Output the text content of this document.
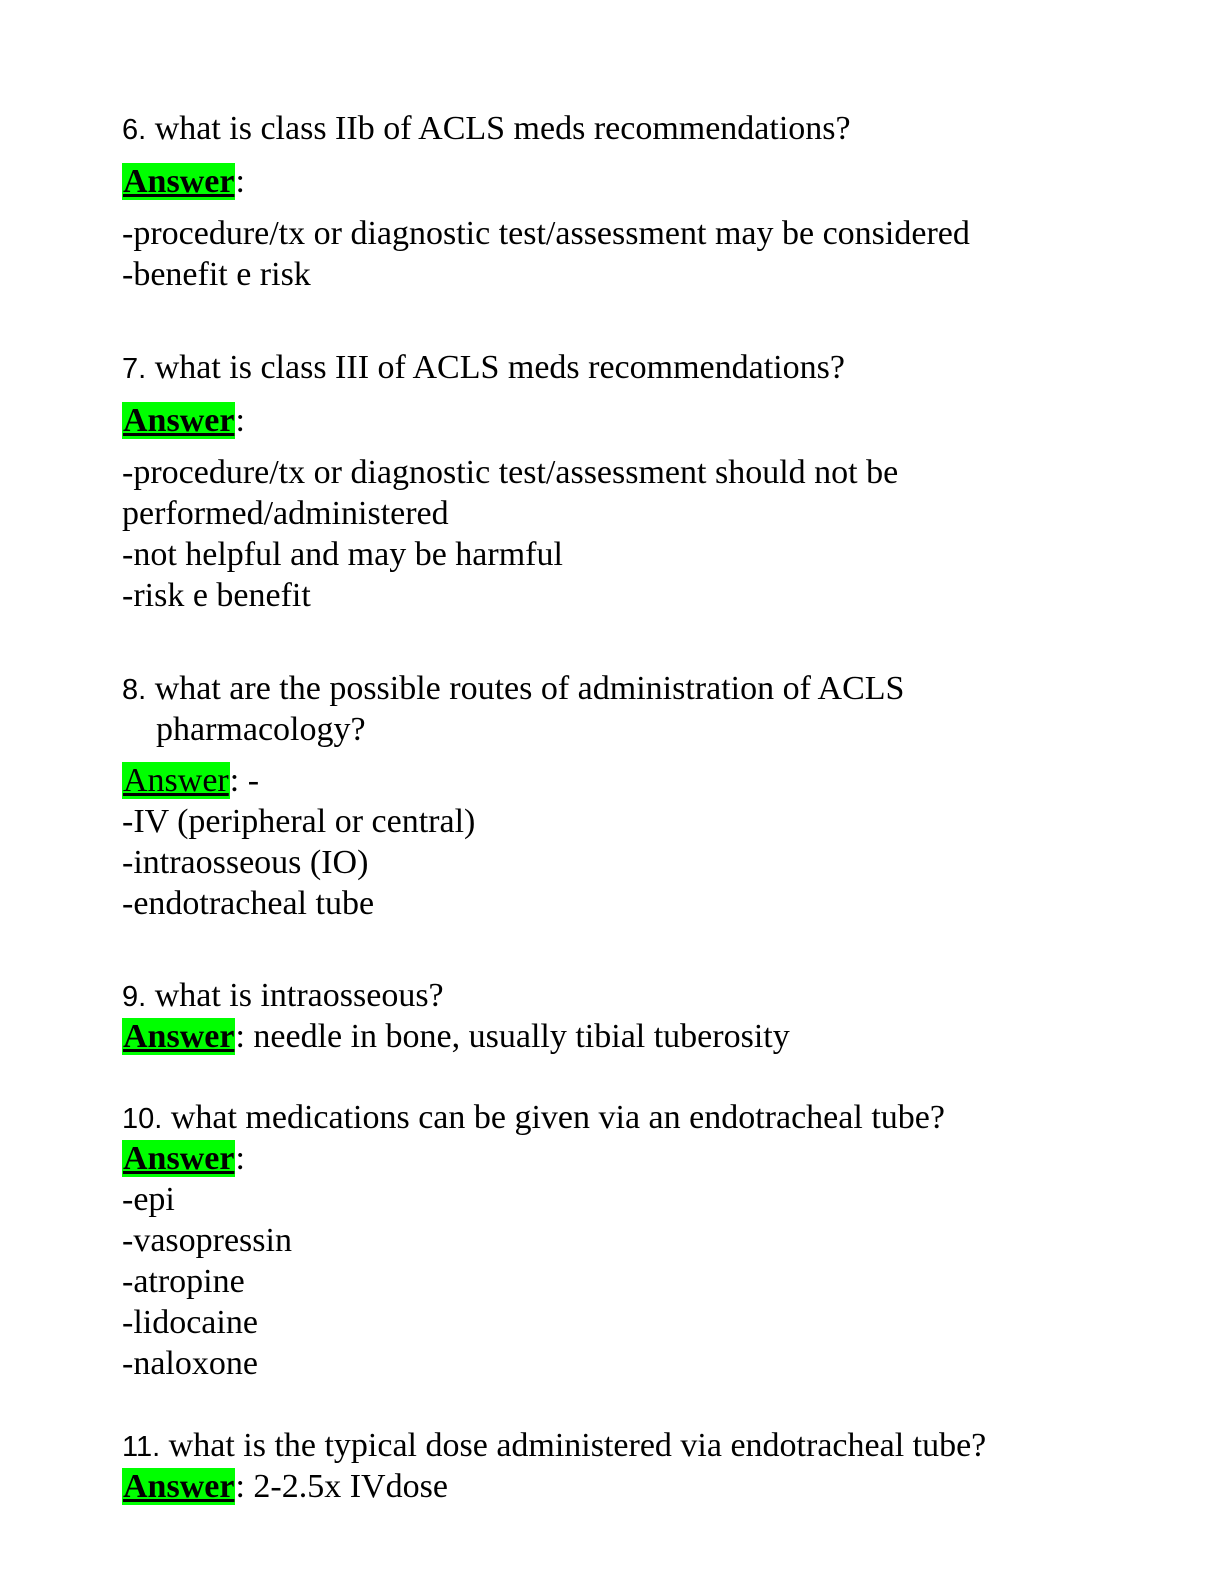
6. what is class IIb of ACLS meds recommendations?
Answer:
-procedure/tx or diagnostic test/assessment may be considered
-benefit e risk
7. what is class III of ACLS meds recommendations?
Answer:
-procedure/tx or diagnostic test/assessment should not be
performed/administered
-not helpful and may be harmful
-risk e benefit
8. what are the possible routes of administration of ACLS
pharmacology?
Answer: -
-IV (peripheral or central)
-intraosseous (IO)
-endotracheal tube
9. what is intraosseous?
Answer: needle in bone, usually tibial tuberosity
10. what medications can be given via an endotracheal tube?
Answer:
-epi
-vasopressin
-atropine
-lidocaine
-naloxone
11. what is the typical dose administered via endotracheal tube?
Answer: 2-2.5x IVdose
